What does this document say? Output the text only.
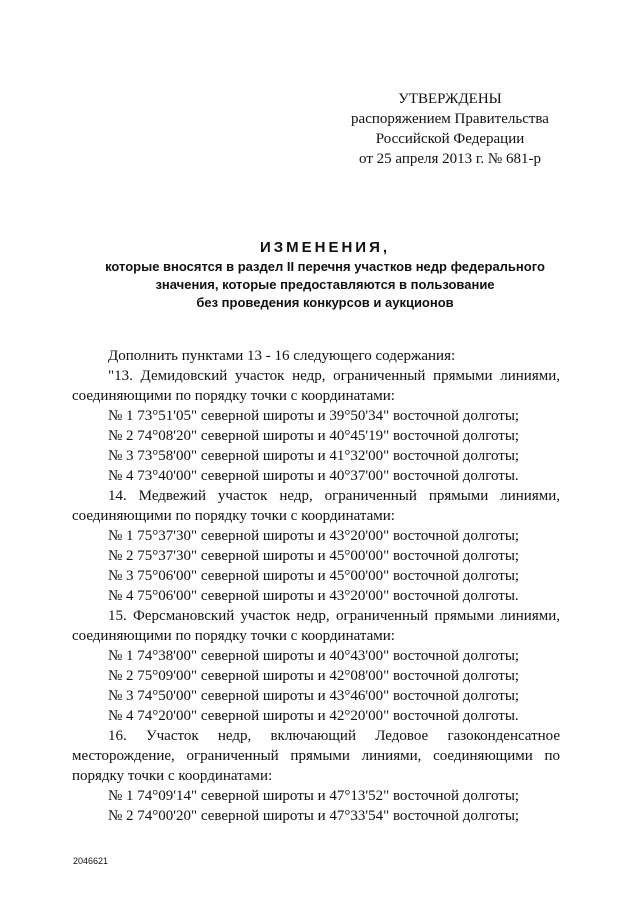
УТВЕРЖДЕНЫ
распоряжением Правительства
Российской Федерации
от 25 апреля 2013 г. № 681-р
ИЗМЕНЕНИЯ,
которые вносятся в раздел II перечня участков недр федерального
значения, которые предоставляются в пользование
без проведения конкурсов и аукционов
Дополнить пунктами 13 - 16 следующего содержания:
"13. Демидовский участок недр, ограниченный прямыми линиями,
соединяющими по порядку точки с координатами:
№ 1 73°51'05" северной широты и 39°50'34" восточной долготы;
№ 2 74°08'20" северной широты и 40°45'19" восточной долготы;
№ 3 73°58'00" северной широты и 41°32'00" восточной долготы;
№ 4 73°40'00" северной широты и 40°37'00" восточной долготы.
14. Медвежий участок недр, ограниченный прямыми линиями,
соединяющими по порядку точки с координатами:
№ 1 75°37'30" северной широты и 43°20'00" восточной долготы;
№ 2 75°37'30" северной широты и 45°00'00" восточной долготы;
№ 3 75°06'00" северной широты и 45°00'00" восточной долготы;
№ 4 75°06'00" северной широты и 43°20'00" восточной долготы.
15. Ферсмановский участок недр, ограниченный прямыми линиями,
соединяющими по порядку точки с координатами:
№ 1 74°38'00" северной широты и 40°43'00" восточной долготы;
№ 2 75°09'00" северной широты и 42°08'00" восточной долготы;
№ 3 74°50'00" северной широты и 43°46'00" восточной долготы;
№ 4 74°20'00" северной широты и 42°20'00" восточной долготы.
16. Участок недр, включающий Ледовое газоконденсатное
месторождение, ограниченный прямыми линиями, соединяющими по
порядку точки с координатами:
№ 1 74°09'14" северной широты и 47°13'52" восточной долготы;
№ 2 74°00'20" северной широты и 47°33'54" восточной долготы;
2046621
